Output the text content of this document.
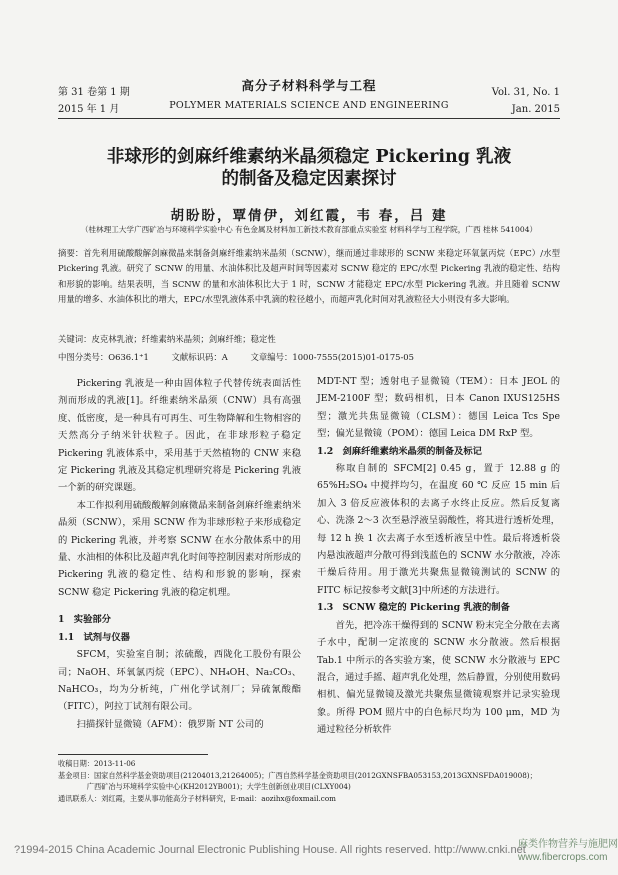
第 31 卷第 1 期
2015 年 1 月
高分子材料科学与工程
POLYMER MATERIALS SCIENCE AND ENGINEERING
Vol. 31, No. 1
Jan. 2015
非球形的剑麻纤维素纳米晶须稳定 Pickering 乳液
的制备及稳定因素探讨
胡盼盼，覃倩伊，刘红霞，韦 春，吕 建
（桂林理工大学广西矿冶与环境科学实验中心 有色金属及材料加工新技术教育部重点实验室 材料科学与工程学院，广西 桂林 541004）
摘要：首先利用硫酸酸解剑麻微晶来制备剑麻纤维素纳米晶须（SCNW），继而通过非球形的 SCNW 来稳定环氧氯丙烷（EPC）/水型 Pickering 乳液。研究了 SCNW 的用量、水油体积比及超声时间等因素对 SCNW 稳定的 EPC/水型 Pickering 乳液的稳定性、结构和形貌的影响。结果表明，当 SCNW 的量和水油体积比大于 1 时，SCNW 才能稳定 EPC/水型 Pickering 乳液。并且随着 SCNW 用量的增多、水油体积比的增大，EPC/水型乳液体系中乳滴的粒径越小，而超声乳化时间对乳液粒径大小则没有多大影响。
关键词：皮克林乳液；纤维素纳米晶须；剑麻纤维；稳定性
中图分类号：O636.1⁺1	文献标识码：A	文章编号：1000-7555(2015)01-0175-05

Pickering 乳液是一种由固体粒子代替传统表面活性剂而形成的乳液[1]。纤维素纳米晶须（CNW）具有高强度、低密度，是一种具有可再生、可生物降解和生物相容的天然高分子纳米针状粒子。因此，在非球形粒子稳定 Pickering 乳液体系中，采用基于天然植物的 CNW 来稳定 Pickering 乳液及其稳定机理研究将是 Pickering 乳液一个新的研究课题。

本工作拟利用硫酸酸解剑麻微晶来制备剑麻纤维素纳米晶须（SCNW），采用 SCNW 作为非球形粒子来形成稳定的 Pickering 乳液，并考察 SCNW 在水分散体系中的用量、水油相的体积比及超声乳化时间等控制因素对所形成的 Pickering 乳液的稳定性、结构和形貌的影响，探索 SCNW 稳定 Pickering 乳液的稳定机理。

1　实验部分

1.1　试剂与仪器

SFCM，实验室自制；浓硫酸，西陇化工股份有限公司；NaOH、环氧氯丙烷（EPC）、NH₄OH、Na₂CO₃、NaHCO₃，均为分析纯，广州化学试剂厂；异硫氰酸酯（FITC），阿拉丁试剂有限公司。

扫描探针显微镜（AFM）：俄罗斯 NT 公司的

MDT-NT 型；透射电子显微镜（TEM）：日本 JEOL 的 JEM-2100F 型；数码相机，日本 Canon IXUS125HS 型；激光共焦显微镜（CLSM）：德国 Leica Tcs Spe 型；偏光显微镜（POM）：德国 Leica DM RxP 型。

1.2　剑麻纤维素纳米晶须的制备及标记

称取自制的 SFCM[2] 0.45 g，置于 12.88 g 的 65%H₂SO₄ 中搅拌均匀，在温度 60 ℃ 反应 15 min 后加入 3 倍反应液体积的去离子水终止反应。然后反复离心、洗涤 2～3 次至悬浮液呈弱酸性，将其进行透析处理，每 12 h 换 1 次去离子水至透析液呈中性。最后将透析袋内悬浊液超声分散可得到浅蓝色的 SCNW 水分散液，冷冻干燥后待用。用于激光共聚焦显微镜测试的 SCNW 的 FITC 标记按参考文献[3]中所述的方法进行。

1.3　SCNW 稳定的 Pickering 乳液的制备

首先，把冷冻干燥得到的 SCNW 粉末完全分散在去离子水中，配制一定浓度的 SCNW 水分散液。然后根据 Tab.1 中所示的各实验方案，使 SCNW 水分散液与 EPC 混合，通过手摇、超声乳化处理，然后静置，分别使用数码相机、偏光显微镜及激光共聚焦显微镜观察并记录实验现象。所得 POM 照片中的白色标尺均为 100 μm，MD 为通过粒径分析软件

收稿日期：2013-11-06
基金项目：国家自然科学基金资助项目(21204013,21264005)；广西自然科学基金资助项目(2012GXNSFBA053153,2013GXNSFDA019008)；
　　　　广西矿冶与环境科学实验中心(KH2012YB001)；大学生创新创业项目(CLXY004)
通讯联系人：刘红霞，主要从事功能高分子材料研究，E-mail：aozihx@foxmail.com
?1994-2015 China Academic Journal Electronic Publishing House. All rights reserved. http://www.cnki.net
麻类作物营养与施肥网
www.fibercrops.com
